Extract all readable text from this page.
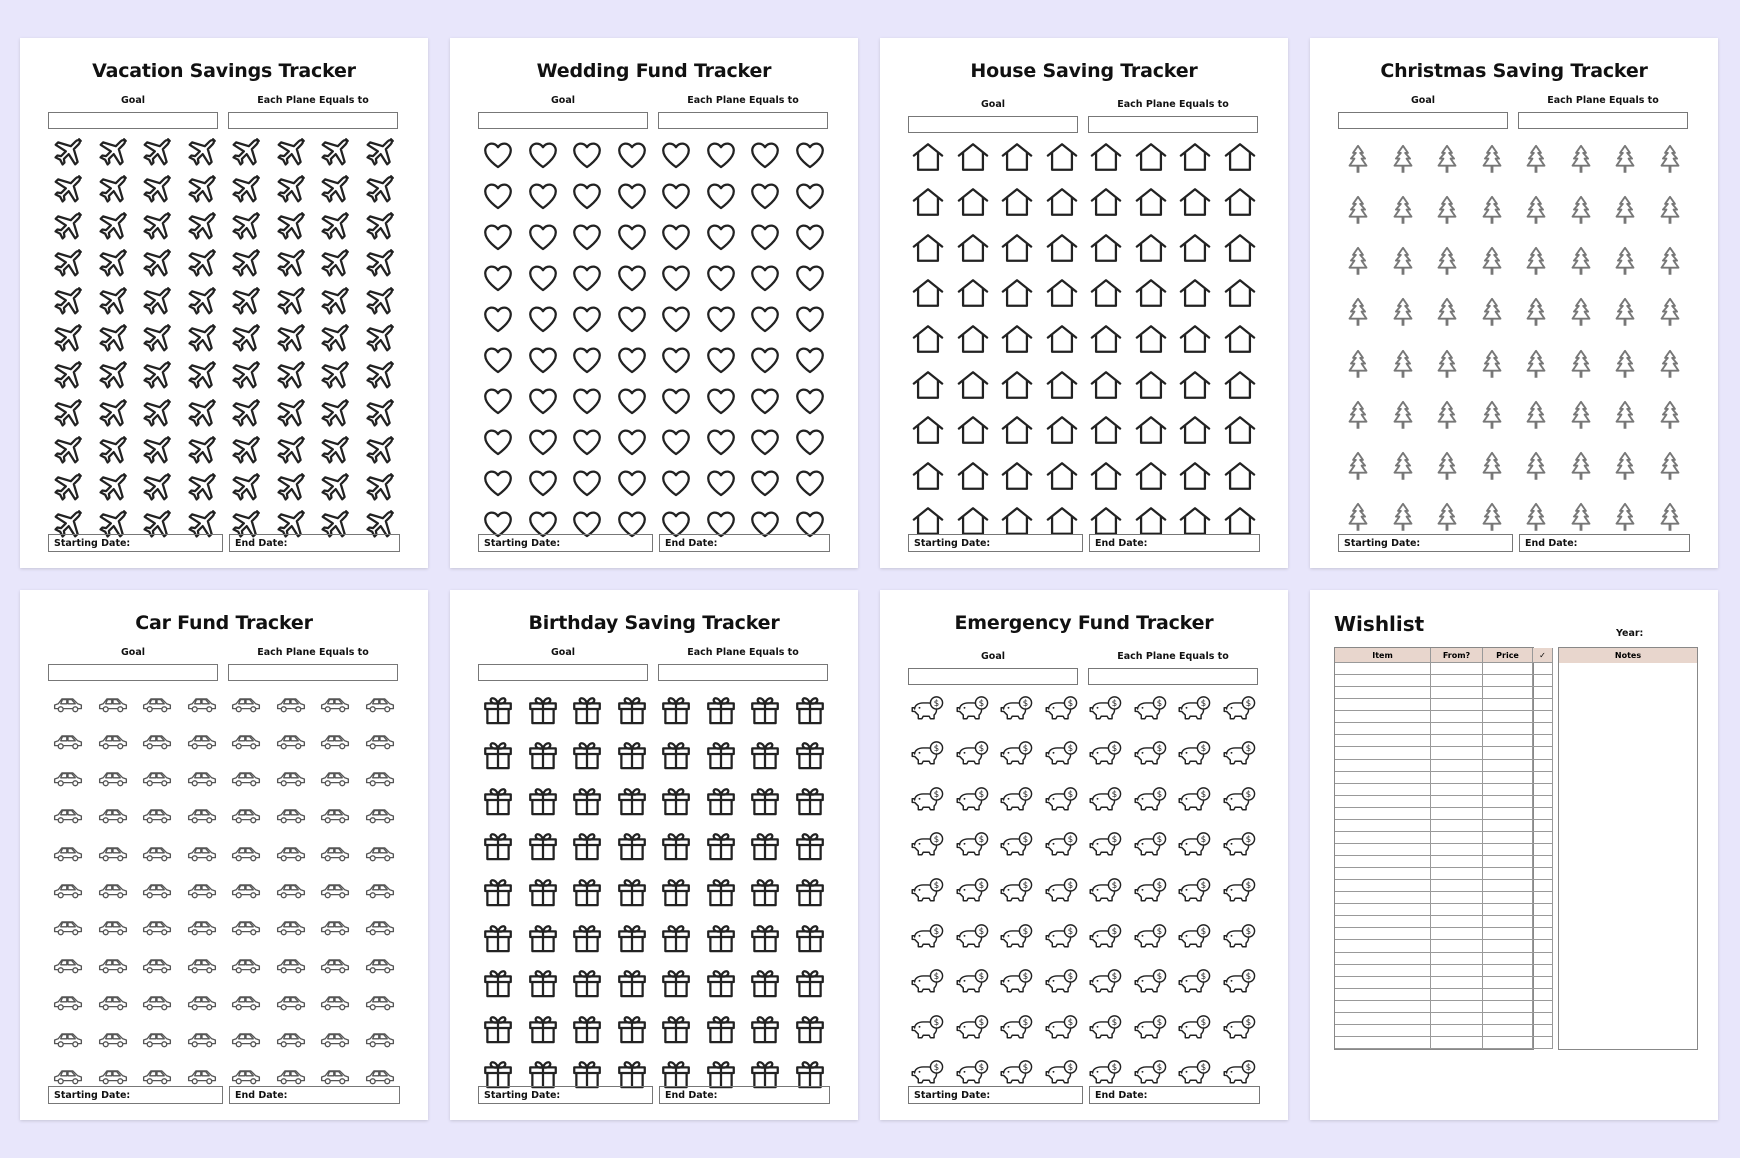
Vacation Savings Tracker
Goal	Each Plane Equals to
Starting Date:	End Date:
Wedding Fund Tracker
Goal	Each Plane Equals to
Starting Date:	End Date:
House Saving Tracker
Goal	Each Plane Equals to
Starting Date:	End Date:
Christmas Saving Tracker
Goal	Each Plane Equals to
Starting Date:	End Date:
Car Fund Tracker
Goal	Each Plane Equals to
Starting Date:	End Date:
Birthday Saving Tracker
Goal	Each Plane Equals to
Starting Date:	End Date:
Emergency Fund Tracker
Goal	Each Plane Equals to
$	$	$	$	$	$	$	$
$	$	$	$	$	$	$	$
$	$	$	$	$	$	$	$
$	$	$	$	$	$	$	$
$	$	$	$	$	$	$	$
$	$	$	$	$	$	$	$
$	$	$	$	$	$	$	$
$	$	$	$	$	$	$	$
$	$	$	$	$	$	$	$
Starting Date:	End Date:
Wishlist	Year:
Item	From?	Price	✓	Notes
